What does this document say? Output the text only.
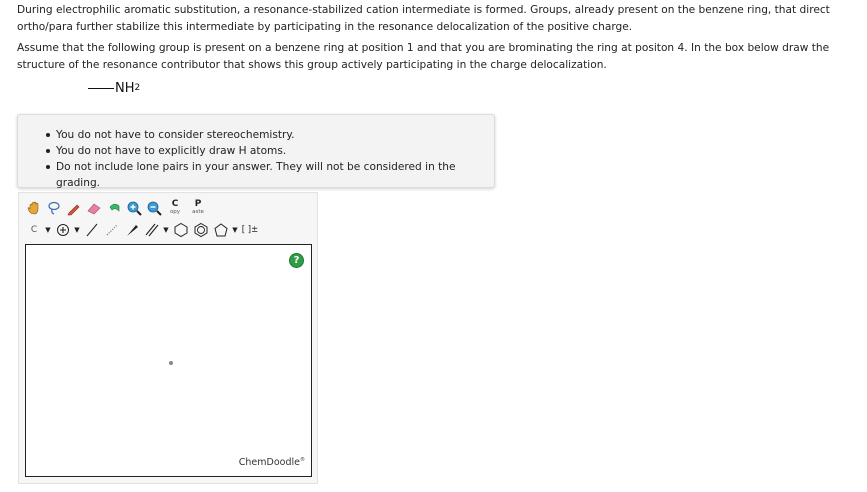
During electrophilic aromatic substitution, a resonance-stabilized cation intermediate is formed. Groups, already present on the benzene ring, that direct ortho/para further stabilize this intermediate by participating in the resonance delocalization of the positive charge.

Assume that the following group is present on a benzene ring at position 1 and that you are brominating the ring at positon 4. In the box below draw the structure of the resonance contributor that shows this group actively participating in the charge delocalization.

NH 2
You do not have to consider stereochemistry.
You do not have to explicitly draw H atoms.
Do not include lone pairs in your answer. They will not be considered in the grading.
C
opy
P
aste
C	▼	▼	▼	▼ [ ]±
?
ChemDoodle®
